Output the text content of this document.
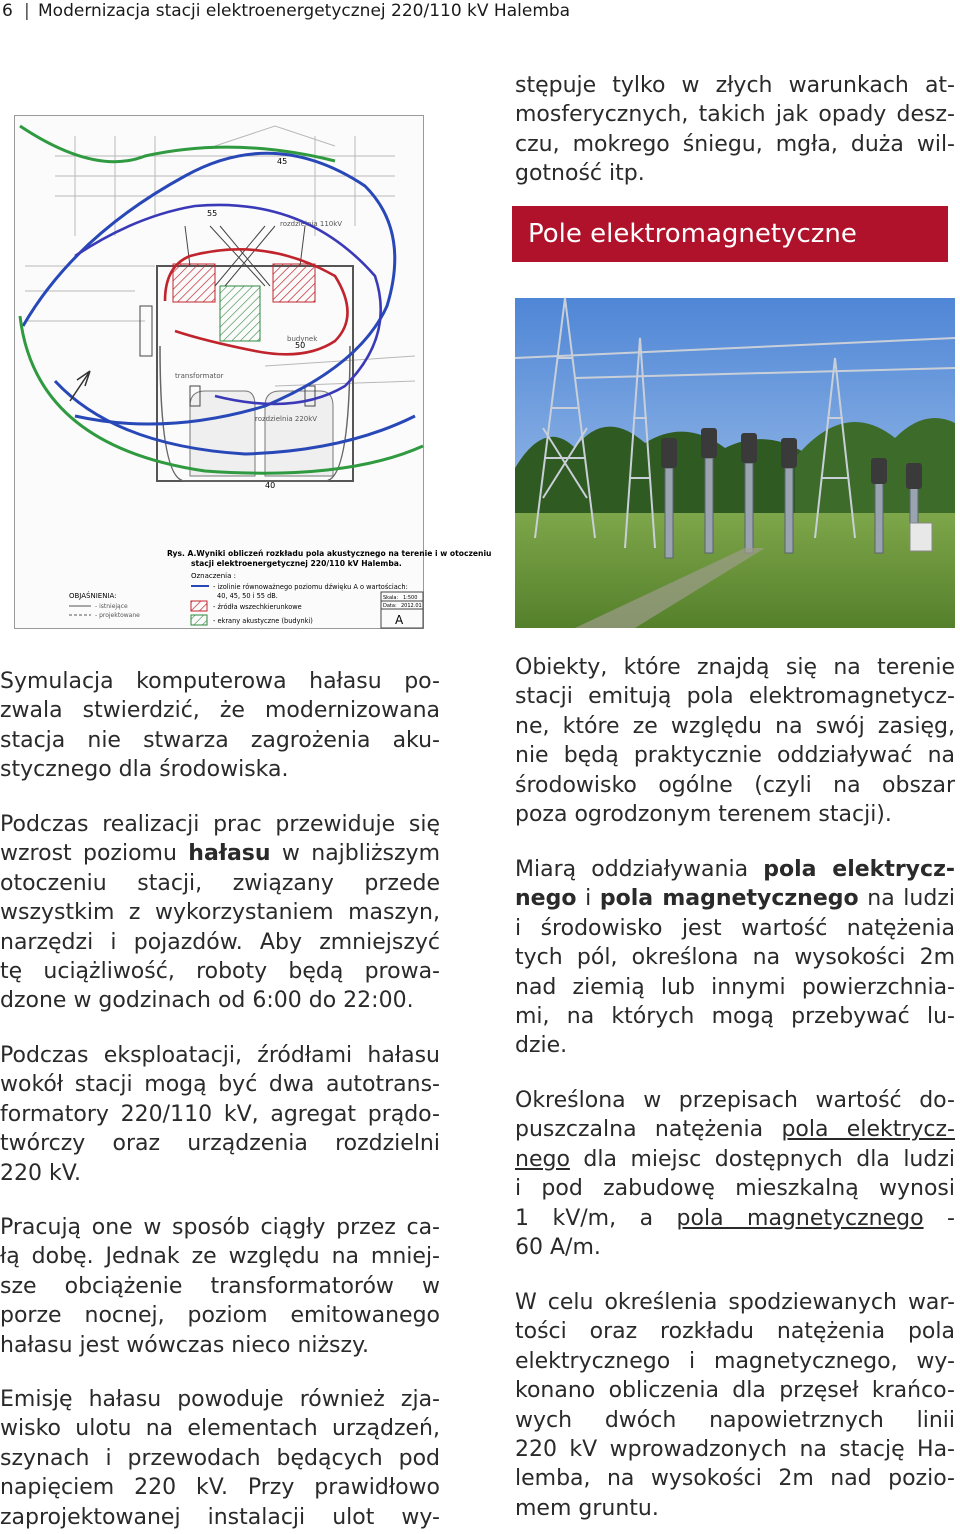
6 | Modernizacja stacji elektroenergetycznej 220/110 kV Halemba
rozdzielnia 220kV
rozdzielnia 110kV
transformator
budynek
45
55
50
40
Rys. A.Wyniki obliczeń rozkładu pola akustycznego na terenie i w otoczeniu
stacji elektroenergetycznej 220/110 kV Halemba.
Oznaczenia :
- izolinie równoważnego poziomu dźwięku A o wartościach:
40, 45, 50 i 55 dB.
- źródła wszechkierunkowe
- ekrany akustyczne (budynki)
OBJAŚNIENIA:
- istniejące
- projektowane
Skala: 1:500
Data: 2012.01
A
Pole elektromagnetyczne
stępuje tylko w złych warunkach at-
mosferycznych, takich jak opady desz-
czu, mokrego śniegu, mgła, duża wil-
gotność itp.
Symulacja komputerowa hałasu po-
zwala stwierdzić, że modernizowana
stacja nie stwarza zagrożenia aku-
stycznego dla środowiska.
Podczas realizacji prac przewiduje się
wzrost poziomu hałasu w najbliższym
otoczeniu stacji, związany przede
wszystkim z wykorzystaniem maszyn,
narzędzi i pojazdów. Aby zmniejszyć
tę uciążliwość, roboty będą prowa-
dzone w godzinach od 6:00 do 22:00.
Podczas eksploatacji, źródłami hałasu
wokół stacji mogą być dwa autotrans-
formatory 220/110 kV, agregat prądo-
twórczy oraz urządzenia rozdzielni
220 kV.
Pracują one w sposób ciągły przez ca-
łą dobę. Jednak ze względu na mniej-
sze obciążenie transformatorów w
porze nocnej, poziom emitowanego
hałasu jest wówczas nieco niższy.
Emisję hałasu powoduje również zja-
wisko ulotu na elementach urządzeń,
szynach i przewodach będących pod
napięciem 220 kV. Przy prawidłowo
zaprojektowanej instalacji ulot wy-
Obiekty, które znajdą się na terenie
stacji emitują pola elektromagnetycz-
ne, które ze względu na swój zasięg,
nie będą praktycznie oddziaływać na
środowisko ogólne (czyli na obszar
poza ogrodzonym terenem stacji).
Miarą oddziaływania pola elektrycz-
nego i pola magnetycznego na ludzi
i środowisko jest wartość natężenia
tych pól, określona na wysokości 2m
nad ziemią lub innymi powierzchnia-
mi, na których mogą przebywać lu-
dzie.
Określona w przepisach wartość do-
puszczalna natężenia pola elektrycz-
nego dla miejsc dostępnych dla ludzi
i pod zabudowę mieszkalną wynosi
1 kV/m, a pola magnetycznego -
60 A/m.
W celu określenia spodziewanych war-
tości oraz rozkładu natężenia pola
elektrycznego i magnetycznego, wy-
konano obliczenia dla przęseł krańco-
wych dwóch napowietrznych linii
220 kV wprowadzonych na stację Ha-
lemba, na wysokości 2m nad pozio-
mem gruntu.
